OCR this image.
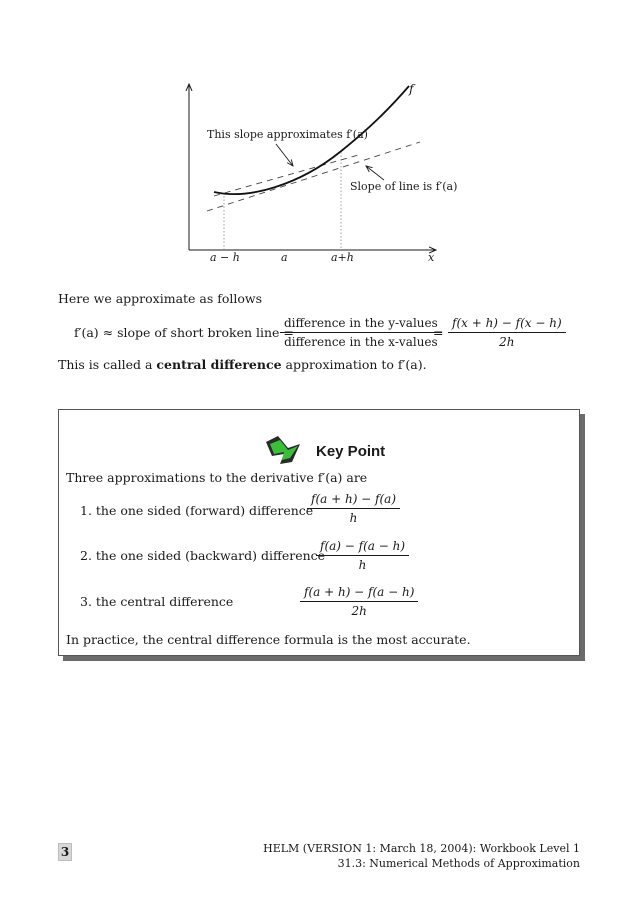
f
This slope approximates f′(a)
Slope of line is f′(a)
a − h	a	a+h	x
Here we approximate as follows
f′(a) ≈ slope of short broken line =
difference in the y-values
difference in the x-values
= $\frac{f(x + h) - f(x - h)}{2h}$
This is called a central difference approximation to f′(a).
Key Point
Three approximations to the derivative f′(a) are
1. the one sided (forward) difference
$\frac{f(a + h) - f(a)}{h}$
2. the one sided (backward) difference
$\frac{f(a) - f(a - h)}{h}$
3. the central difference	$\frac{f(a + h) - f(a - h)}{2h}$
In practice, the central difference formula is the most accurate.
3	HELM (VERSION 1: March 18, 2004): Workbook Level 1
31.3: Numerical Methods of Approximation
